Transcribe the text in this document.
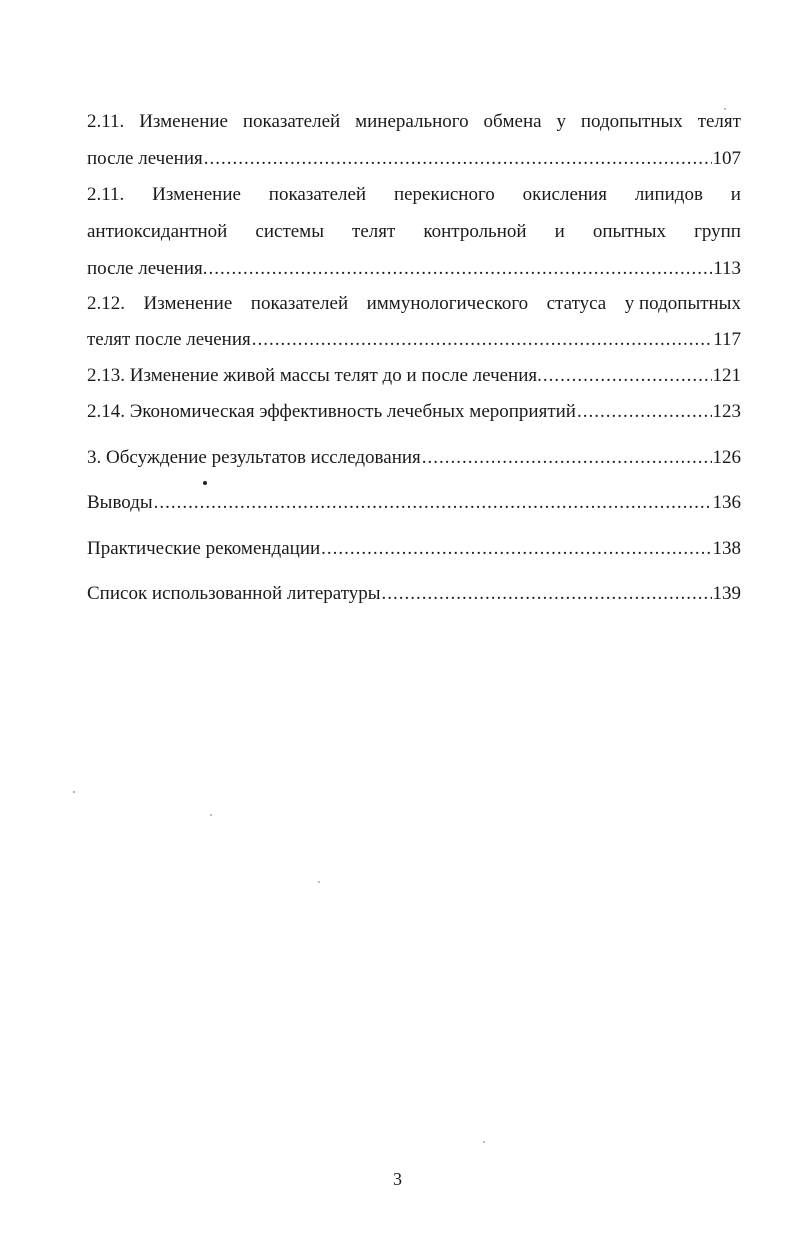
2.11. Изменение показателей минерального обмена у подопытных телят
после лечения .....	107
2.11. Изменение показателей перекисного окисления липидов и
антиоксидантной системы телят контрольной и опытных групп
после лечения. .....	113
2.12. Изменение показателей иммунологического статуса у подопытных
телят после лечения .....	117
2.13. Изменение живой массы телят до и после лечения. .....	121
2.14. Экономическая эффективность лечебных мероприятий .....	123
3. Обсуждение результатов исследования .....	126
Выводы .....	136
Практические рекомендации .....	138
Список использованной литературы .....	139
3
